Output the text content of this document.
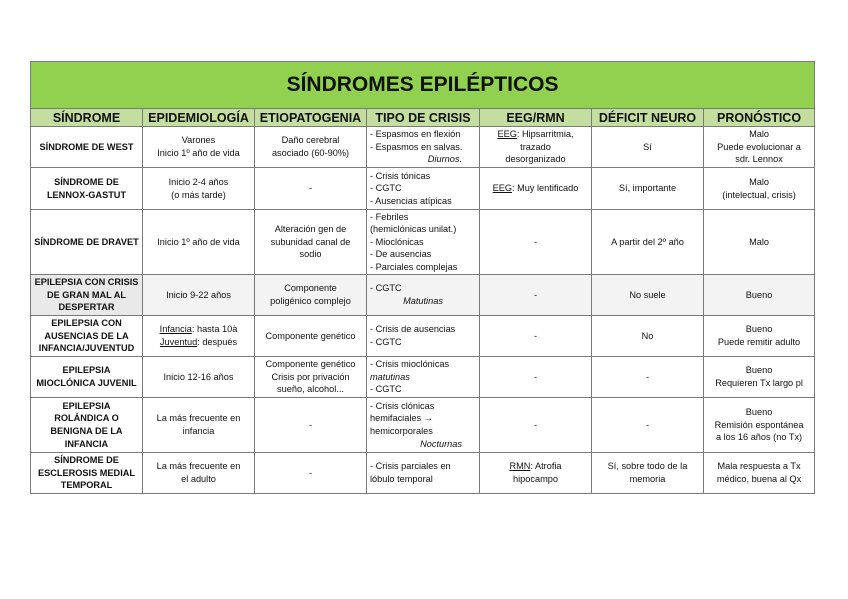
SÍNDROMES EPILÉPTICOS						
SÍNDROME	EPIDEMIOLOGÍA	ETIOPATOGENIA	TIPO DE CRISIS	EEG/RMN	DÉFICIT NEURO	PRONÓSTICO
SÍNDROME DE WEST	Varones
Inicio 1º año de vida	Daño cerebral
asociado (60-90%)	- Espasmos en flexión
- Espasmos en salvas.
Diurnos.	EEG: Hipsarritmia,
trazado
desorganizado	Sí	Malo
Puede evolucionar a
sdr. Lennox

SÍNDROME DE LENNOX-GASTUT	Inicio 2-4 años
(o más tarde)	-	- Crisis tónicas
- CGTC
- Ausencias atípicas	EEG: Muy lentificado	Sí, importante	Malo
(intelectual, crisis)

SÍNDROME DE DRAVET	Inicio 1º año de vida	Alteración gen de
subunidad canal de
sodio	- Febriles
(hemiclónicas unilat.)
- Mioclónicas
- De ausencias
- Parciales complejas	-	A partir del 2º año	Malo

EPILEPSIA CON CRISIS DE GRAN MAL AL DESPERTAR	Inicio 9-22 años	Componente
poligénico complejo	- CGTC
Matutinas	-	No suele	Bueno

EPILEPSIA CON AUSENCIAS DE LA INFANCIA/JUVENTUD	Infancia: hasta 10à
Juventud: después	Componente genético	- Crisis de ausencias
- CGTC	-	No	Bueno
Puede remitir adulto

EPILEPSIA MIOCLÓNICA JUVENIL	Inicio 12-16 años	Componente genético
Crisis por privación
sueño, alcohol...	- Crisis mioclónicas
matutinas
- CGTC	-	-	Bueno
Requieren Tx largo pl

EPILEPSIA ROLÁNDICA O BENIGNA DE LA INFANCIA	La más frecuente en
infancia	-	- Crisis clónicas
hemifaciales →
hemicorporales
Nocturnas	-	-	Bueno
Remisión espontánea
a los 16 años (no Tx)

SÍNDROME DE ESCLEROSIS MEDIAL TEMPORAL	La más frecuente en
el adulto	-	- Crisis parciales en
lóbulo temporal	RMN: Atrofia
hipocampo	Sí, sobre todo de la
memoria	Mala respuesta a Tx
médico, buena al Qx
